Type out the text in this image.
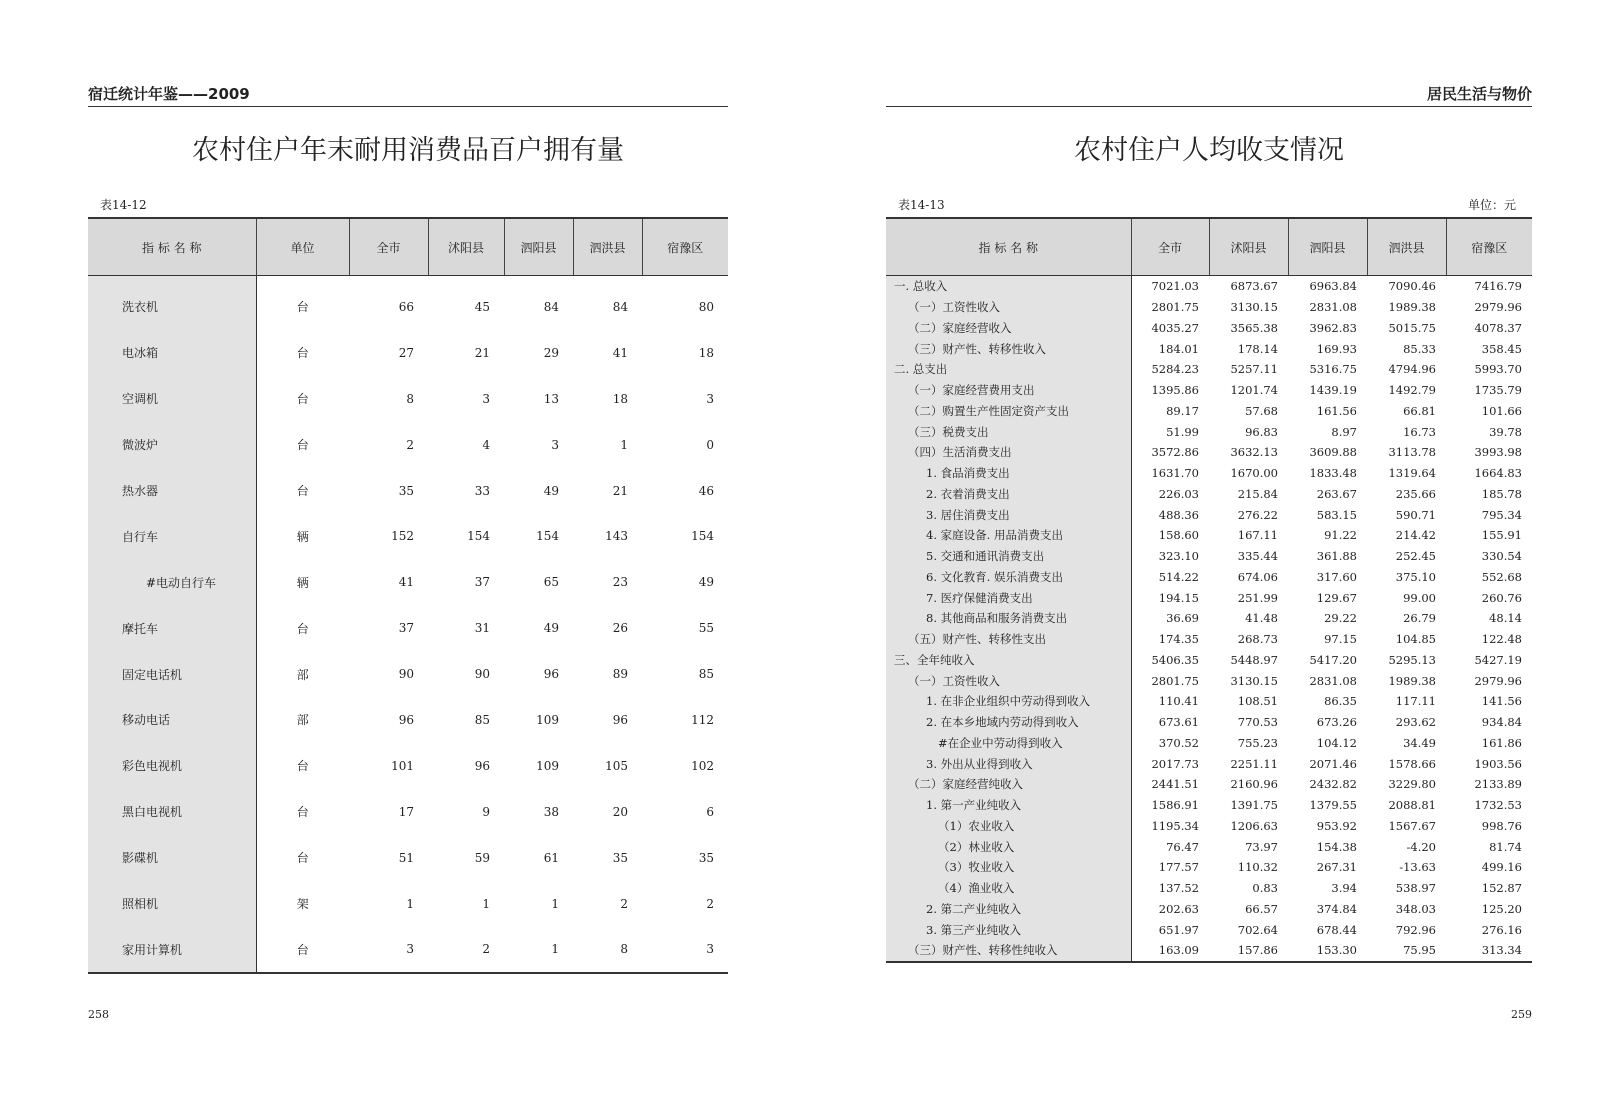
宿迁统计年鉴——2009
农村住户年末耐用消费品百户拥有量
表14-12
指 标 名 称	单位	全市	沭阳县	泗阳县	泗洪县	宿豫区
洗衣机	台	66	45	84	84	80
电冰箱	台	27	21	29	41	18
空调机	台	8	3	13	18	3
微波炉	台	2	4	3	1	0
热水器	台	35	33	49	21	46
自行车	辆	152	154	154	143	154
#电动自行车	辆	41	37	65	23	49
摩托车	台	37	31	49	26	55
固定电话机	部	90	90	96	89	85
移动电话	部	96	85	109	96	112
彩色电视机	台	101	96	109	105	102
黑白电视机	台	17	9	38	20	6
影碟机	台	51	59	61	35	35
照相机	架	1	1	1	2	2
家用计算机	台	3	2	1	8	3
258
居民生活与物价
农村住户人均收支情况
表14-13	单位：元
指 标 名 称	全市	沭阳县	泗阳县	泗洪县	宿豫区
一. 总收入	7021.03	6873.67	6963.84	7090.46	7416.79
（一）工资性收入	2801.75	3130.15	2831.08	1989.38	2979.96
（二）家庭经营收入	4035.27	3565.38	3962.83	5015.75	4078.37
（三）财产性、转移性收入	184.01	178.14	169.93	85.33	358.45
二. 总支出	5284.23	5257.11	5316.75	4794.96	5993.70
（一）家庭经营费用支出	1395.86	1201.74	1439.19	1492.79	1735.79
（二）购置生产性固定资产支出	89.17	57.68	161.56	66.81	101.66
（三）税费支出	51.99	96.83	8.97	16.73	39.78
（四）生活消费支出	3572.86	3632.13	3609.88	3113.78	3993.98
1. 食品消费支出	1631.70	1670.00	1833.48	1319.64	1664.83
2. 衣着消费支出	226.03	215.84	263.67	235.66	185.78
3. 居住消费支出	488.36	276.22	583.15	590.71	795.34
4. 家庭设备. 用品消费支出	158.60	167.11	91.22	214.42	155.91
5. 交通和通讯消费支出	323.10	335.44	361.88	252.45	330.54
6. 文化教育. 娱乐消费支出	514.22	674.06	317.60	375.10	552.68
7. 医疗保健消费支出	194.15	251.99	129.67	99.00	260.76
8. 其他商品和服务消费支出	36.69	41.48	29.22	26.79	48.14
（五）财产性、转移性支出	174.35	268.73	97.15	104.85	122.48
三、全年纯收入	5406.35	5448.97	5417.20	5295.13	5427.19
（一）工资性收入	2801.75	3130.15	2831.08	1989.38	2979.96
1. 在非企业组织中劳动得到收入	110.41	108.51	86.35	117.11	141.56
2. 在本乡地域内劳动得到收入	673.61	770.53	673.26	293.62	934.84
#在企业中劳动得到收入	370.52	755.23	104.12	34.49	161.86
3. 外出从业得到收入	2017.73	2251.11	2071.46	1578.66	1903.56
（二）家庭经营纯收入	2441.51	2160.96	2432.82	3229.80	2133.89
1. 第一产业纯收入	1586.91	1391.75	1379.55	2088.81	1732.53
（1）农业收入	1195.34	1206.63	953.92	1567.67	998.76
（2）林业收入	76.47	73.97	154.38	-4.20	81.74
（3）牧业收入	177.57	110.32	267.31	-13.63	499.16
（4）渔业收入	137.52	0.83	3.94	538.97	152.87
2. 第二产业纯收入	202.63	66.57	374.84	348.03	125.20
3. 第三产业纯收入	651.97	702.64	678.44	792.96	276.16
（三）财产性、转移性纯收入	163.09	157.86	153.30	75.95	313.34
259
